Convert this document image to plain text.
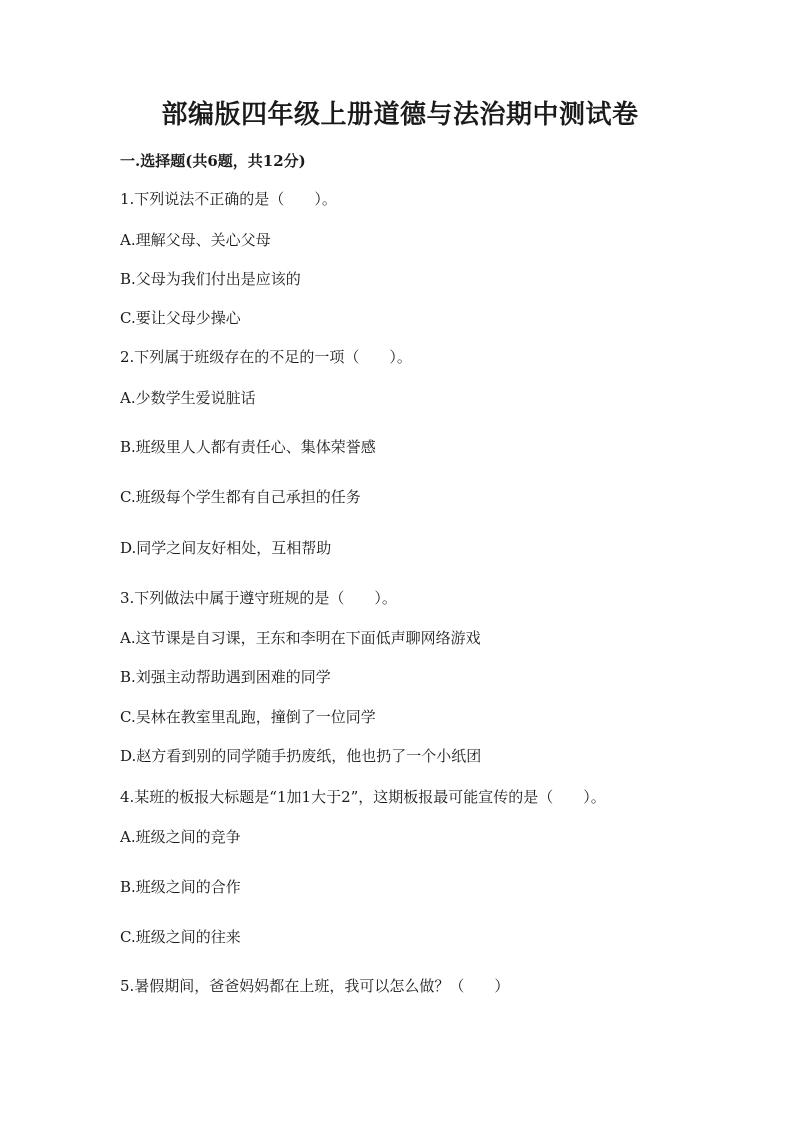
部编版四年级上册道德与法治期中测试卷
一.选择题(共6题，共12分)
1.下列说法不正确的是（　　）。
A.理解父母、关心父母
B.父母为我们付出是应该的
C.要让父母少操心
2.下列属于班级存在的不足的一项（　　）。
A.少数学生爱说脏话
B.班级里人人都有责任心、集体荣誉感
C.班级每个学生都有自己承担的任务
D.同学之间友好相处，互相帮助
3.下列做法中属于遵守班规的是（　　）。
A.这节课是自习课，王东和李明在下面低声聊网络游戏
B.刘强主动帮助遇到困难的同学
C.吴林在教室里乱跑，撞倒了一位同学
D.赵方看到别的同学随手扔废纸，他也扔了一个小纸团
4.某班的板报大标题是“1加1大于2”，这期板报最可能宣传的是（　　）。
A.班级之间的竞争
B.班级之间的合作
C.班级之间的往来
5.暑假期间，爸爸妈妈都在上班，我可以怎么做？（　　）
